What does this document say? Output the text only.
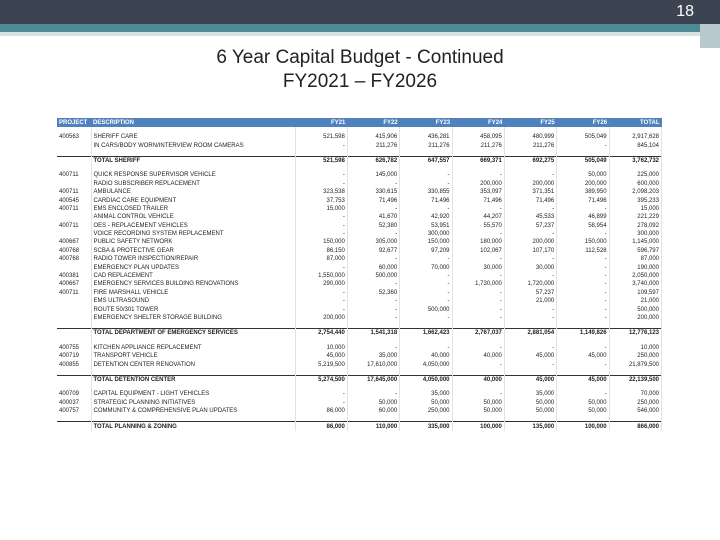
18
6 Year Capital Budget - Continued
FY2021 – FY2026
PROJECT	DESCRIPTION	FY21	FY22	FY23	FY24	FY25	FY26	TOTAL

400563	SHERIFF CARE	521,598	415,906	436,281	458,095	480,999	505,049	2,917,628
	IN CARS/BODY WORN/INTERVIEW ROOM CAMERAS	-	211,276	211,276	211,276	211,276	-	845,104

	TOTAL SHERIFF	521,598	626,782	647,557	669,371	692,275	505,049	3,762,732

400711	QUICK RESPONSE SUPERVISOR VEHICLE	-	145,000	-	-	-	50,000	225,000
	RADIO SUBSCRIBER REPLACEMENT	-	-	-	200,000	200,000	200,000	600,000
400711	AMBULANCE	323,538	330,615	330,855	353,097	371,351	389,950	2,098,203
400545	CARDIAC CARE EQUIPMENT	37,753	71,496	71,496	71,496	71,496	71,496	395,233
400711	EMS ENCLOSED TRAILER	15,000	-	-	-	-	-	15,000
	ANIMAL CONTROL VEHICLE	-	41,670	42,920	44,207	45,533	46,899	221,229
400711	OES - REPLACEMENT VEHICLES	-	52,380	53,951	55,570	57,237	58,954	278,092
	VOICE RECORDING SYSTEM REPLACEMENT	-	-	300,000	-	-	-	300,000
400667	PUBLIC SAFETY NETWORK	150,000	305,000	150,000	180,000	200,000	150,000	1,145,000
400768	SCBA & PROTECTIVE GEAR	86,150	92,677	97,209	102,067	107,170	112,528	596,797
400768	RADIO TOWER INSPECTION/REPAIR	87,000	-	-	-	-	-	87,000
	EMERGENCY PLAN UPDATES	-	60,000	70,000	30,000	30,000	-	190,000
400381	CAD REPLACEMENT	1,550,000	500,000	-	-	-	-	2,050,000
400667	EMERGENCY SERVICES BUILDING RENOVATIONS	290,000	-	-	1,730,000	1,720,000	-	3,740,000
400711	FIRE MARSHALL VEHICLE	-	52,360	-	-	57,237	-	109,597
	EMS ULTRASOUND	-	-	-	-	21,000	-	21,000
	ROUTE 50/301 TOWER	-	-	500,000	-	-	-	500,000
	EMERGENCY SHELTER STORAGE BUILDING	200,000	-	-	-	-	-	200,000

	TOTAL DEPARTMENT OF EMERGENCY SERVICES	2,754,440	1,541,318	1,662,423	2,767,037	2,881,054	1,149,826	12,776,123

400755	KITCHEN APPLIANCE REPLACEMENT	10,000	-	-	-	-	-	10,000
400719	TRANSPORT VEHICLE	45,000	35,000	40,000	40,000	45,000	45,000	250,000
400855	DETENTION CENTER RENOVATION	5,219,500	17,610,000	4,050,000	-	-	-	21,879,500

	TOTAL DETENTION CENTER	5,274,500	17,645,000	4,050,000	40,000	45,000	45,000	22,139,500

400709	CAPITAL EQUIPMENT - LIGHT VEHICLES	-	-	35,000	-	35,000	-	70,000
400037	STRATEGIC PLANNING INITIATIVES	-	50,000	50,000	50,000	50,000	50,000	250,000
400757	COMMUNITY & COMPREHENSIVE PLAN UPDATES	86,000	60,000	250,000	50,000	50,000	50,000	546,000

	TOTAL PLANNING & ZONING	86,000	110,000	335,000	100,000	135,000	100,000	866,000
